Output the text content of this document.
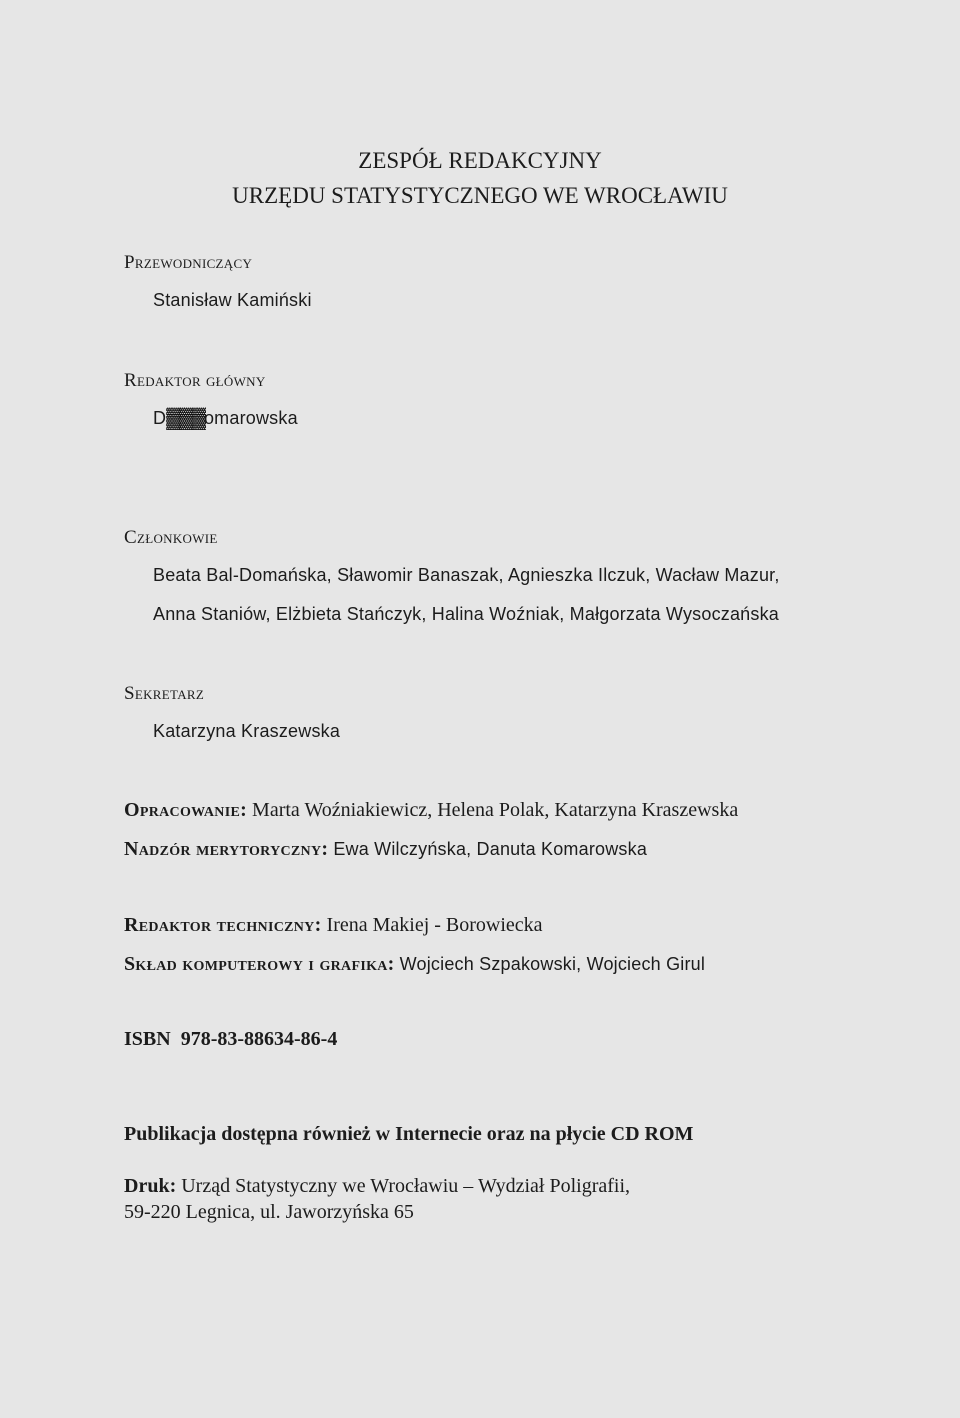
ZESPÓŁ REDAKCYJNY
URZĘDU STATYSTYCZNEGO WE WROCŁAWIU
Przewodniczący
Stanisław Kamiński
Redaktor główny
D▓▓▓omarowska
Członkowie
Beata Bal-Domańska, Sławomir Banaszak, Agnieszka Ilczuk, Wacław Mazur,
Anna Staniów, Elżbieta Stańczyk, Halina Woźniak, Małgorzata Wysoczańska
Sekretarz
Katarzyna Kraszewska
Opracowanie: Marta Woźniakiewicz, Helena Polak, Katarzyna Kraszewska
Nadzór merytoryczny: Ewa Wilczyńska, Danuta Komarowska
Redaktor techniczny: Irena Makiej - Borowiecka
Skład komputerowy i grafika: Wojciech Szpakowski, Wojciech Girul
ISBN 978-83-88634-86-4
Publikacja dostępna również w Internecie oraz na płycie CD ROM
Druk: Urząd Statystyczny we Wrocławiu – Wydział Poligrafii,
59-220 Legnica, ul. Jaworzyńska 65
